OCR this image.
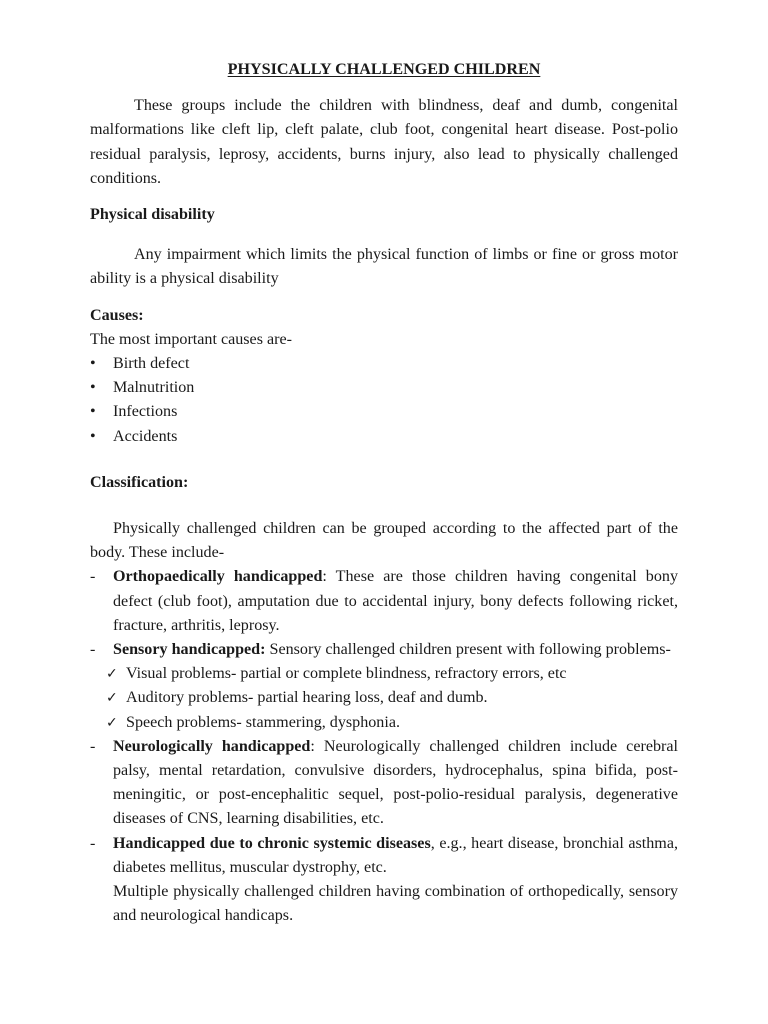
PHYSICALLY CHALLENGED CHILDREN

These groups include the children with blindness, deaf and dumb, congenital malformations like cleft lip, cleft palate, club foot, congenital heart disease. Post-polio residual paralysis, leprosy, accidents, burns injury, also lead to physically challenged conditions.

Physical disability

Any impairment which limits the physical function of limbs or fine or gross motor ability is a physical disability

Causes:

The most important causes are-

• Birth defect
• Malnutrition
• Infections
• Accidents

Classification:

Physically challenged children can be grouped according to the affected part of the body. These include-

- Orthopaedically handicapped: These are those children having congenital bony defect (club foot), amputation due to accidental injury, bony defects following ricket, fracture, arthritis, leprosy.
- Sensory handicapped: Sensory challenged children present with following problems-
✓ Visual problems- partial or complete blindness, refractory errors, etc
✓ Auditory problems- partial hearing loss, deaf and dumb.
✓ Speech problems- stammering, dysphonia.
- Neurologically handicapped: Neurologically challenged children include cerebral palsy, mental retardation, convulsive disorders, hydrocephalus, spina bifida, post-meningitic, or post-encephalitic sequel, post-polio-residual paralysis, degenerative diseases of CNS, learning disabilities, etc.
- Handicapped due to chronic systemic diseases, e.g., heart disease, bronchial asthma, diabetes mellitus, muscular dystrophy, etc.
Multiple physically challenged children having combination of orthopedically, sensory and neurological handicaps.
